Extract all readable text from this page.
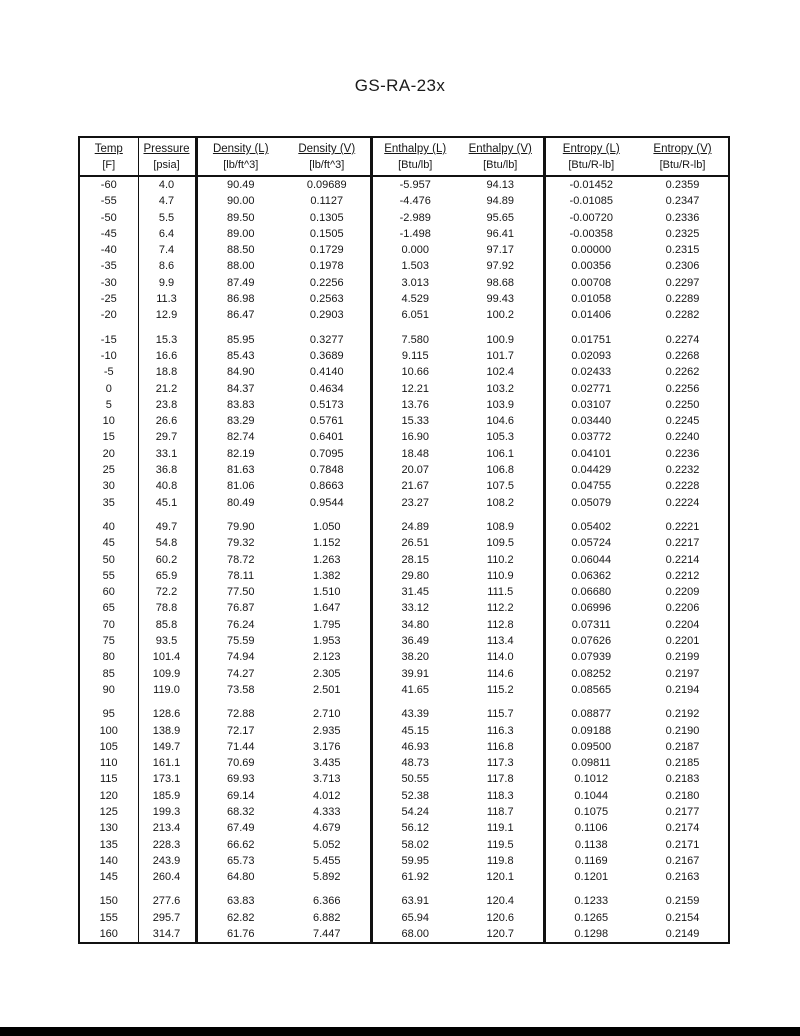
GS-RA-23x
Temp	Pressure	Density (L)	Density (V)	Enthalpy (L)	Enthalpy (V)	Entropy (L)	Entropy (V)
[F]	[psia]	[lb/ft^3]	[lb/ft^3]	[Btu/lb]	[Btu/lb]	[Btu/R-lb]	[Btu/R-lb]
-60	4.0	90.49	0.09689	-5.957	94.13	-0.01452	0.2359
-55	4.7	90.00	0.1127	-4.476	94.89	-0.01085	0.2347
-50	5.5	89.50	0.1305	-2.989	95.65	-0.00720	0.2336
-45	6.4	89.00	0.1505	-1.498	96.41	-0.00358	0.2325
-40	7.4	88.50	0.1729	0.000	97.17	0.00000	0.2315
-35	8.6	88.00	0.1978	1.503	97.92	0.00356	0.2306
-30	9.9	87.49	0.2256	3.013	98.68	0.00708	0.2297
-25	11.3	86.98	0.2563	4.529	99.43	0.01058	0.2289
-20	12.9	86.47	0.2903	6.051	100.2	0.01406	0.2282

-15	15.3	85.95	0.3277	7.580	100.9	0.01751	0.2274
-10	16.6	85.43	0.3689	9.115	101.7	0.02093	0.2268
-5	18.8	84.90	0.4140	10.66	102.4	0.02433	0.2262
0	21.2	84.37	0.4634	12.21	103.2	0.02771	0.2256
5	23.8	83.83	0.5173	13.76	103.9	0.03107	0.2250
10	26.6	83.29	0.5761	15.33	104.6	0.03440	0.2245
15	29.7	82.74	0.6401	16.90	105.3	0.03772	0.2240
20	33.1	82.19	0.7095	18.48	106.1	0.04101	0.2236
25	36.8	81.63	0.7848	20.07	106.8	0.04429	0.2232
30	40.8	81.06	0.8663	21.67	107.5	0.04755	0.2228
35	45.1	80.49	0.9544	23.27	108.2	0.05079	0.2224

40	49.7	79.90	1.050	24.89	108.9	0.05402	0.2221
45	54.8	79.32	1.152	26.51	109.5	0.05724	0.2217
50	60.2	78.72	1.263	28.15	110.2	0.06044	0.2214
55	65.9	78.11	1.382	29.80	110.9	0.06362	0.2212
60	72.2	77.50	1.510	31.45	111.5	0.06680	0.2209
65	78.8	76.87	1.647	33.12	112.2	0.06996	0.2206
70	85.8	76.24	1.795	34.80	112.8	0.07311	0.2204
75	93.5	75.59	1.953	36.49	113.4	0.07626	0.2201
80	101.4	74.94	2.123	38.20	114.0	0.07939	0.2199
85	109.9	74.27	2.305	39.91	114.6	0.08252	0.2197
90	119.0	73.58	2.501	41.65	115.2	0.08565	0.2194

95	128.6	72.88	2.710	43.39	115.7	0.08877	0.2192
100	138.9	72.17	2.935	45.15	116.3	0.09188	0.2190
105	149.7	71.44	3.176	46.93	116.8	0.09500	0.2187
110	161.1	70.69	3.435	48.73	117.3	0.09811	0.2185
115	173.1	69.93	3.713	50.55	117.8	0.1012	0.2183
120	185.9	69.14	4.012	52.38	118.3	0.1044	0.2180
125	199.3	68.32	4.333	54.24	118.7	0.1075	0.2177
130	213.4	67.49	4.679	56.12	119.1	0.1106	0.2174
135	228.3	66.62	5.052	58.02	119.5	0.1138	0.2171
140	243.9	65.73	5.455	59.95	119.8	0.1169	0.2167
145	260.4	64.80	5.892	61.92	120.1	0.1201	0.2163

150	277.6	63.83	6.366	63.91	120.4	0.1233	0.2159
155	295.7	62.82	6.882	65.94	120.6	0.1265	0.2154
160	314.7	61.76	7.447	68.00	120.7	0.1298	0.2149
